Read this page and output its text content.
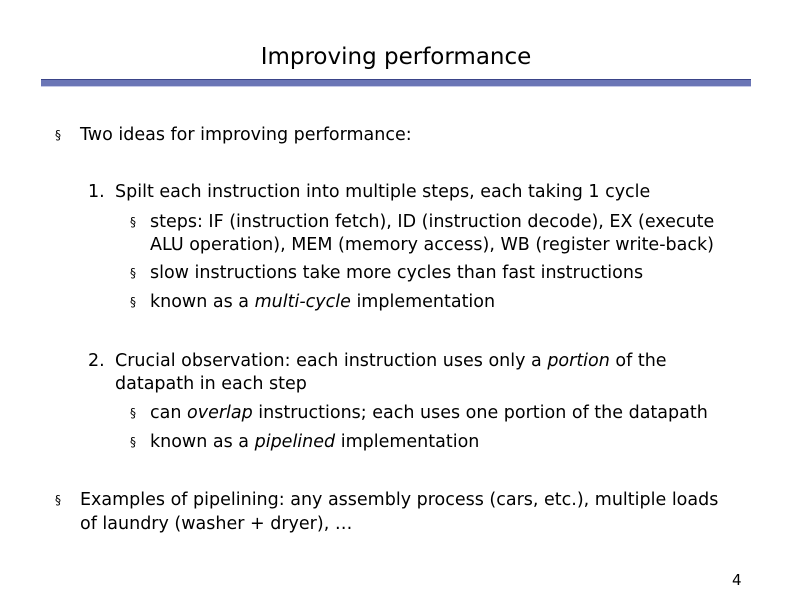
Improving performance
§ Two ideas for improving performance:
1. Spilt each instruction into multiple steps, each taking 1 cycle
§ steps: IF (instruction fetch), ID (instruction decode), EX (execute
ALU operation), MEM (memory access), WB (register write-back)
§ slow instructions take more cycles than fast instructions
§ known as a multi-cycle implementation
2. Crucial observation: each instruction uses only a portion of the
datapath in each step
§ can overlap instructions; each uses one portion of the datapath
§ known as a pipelined implementation
§ Examples of pipelining: any assembly process (cars, etc.), multiple loads
of laundry (washer + dryer), …
4
